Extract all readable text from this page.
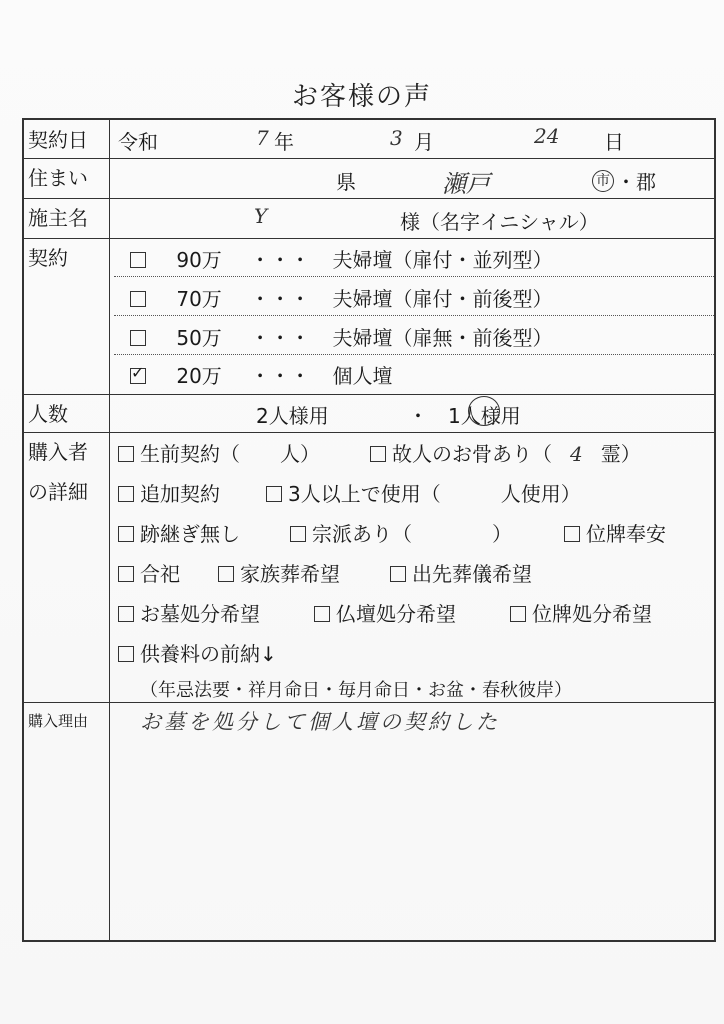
お客様の声
契約日	令和	7 年	3 月	24 日
住まい	県	瀬戸	市 ・郡
施主名	Y	様（名字イニシャル）
契約	90万 ・・・ 夫婦壇（扉付・並列型）
70万 ・・・ 夫婦壇（扉付・前後型）
50万 ・・・ 夫婦壇（扉無・前後型）
✓ 20万 ・・・ 個人壇
人数	2人様用	・ 1人様用
購入者
の詳細
生前契約（　　人）	故人のお骨あり（ 4 霊）
追加契約	3人以上で使用（　　　人使用）
跡継ぎ無し	宗派あり（　　　　）	位牌奉安
合祀	家族葬希望	出先葬儀希望
お墓処分希望	仏壇処分希望	位牌処分希望
供養料の前納↓
（年忌法要・祥月命日・毎月命日・お盆・春秋彼岸）
購入理由	お墓を処分して個人壇の契約した
